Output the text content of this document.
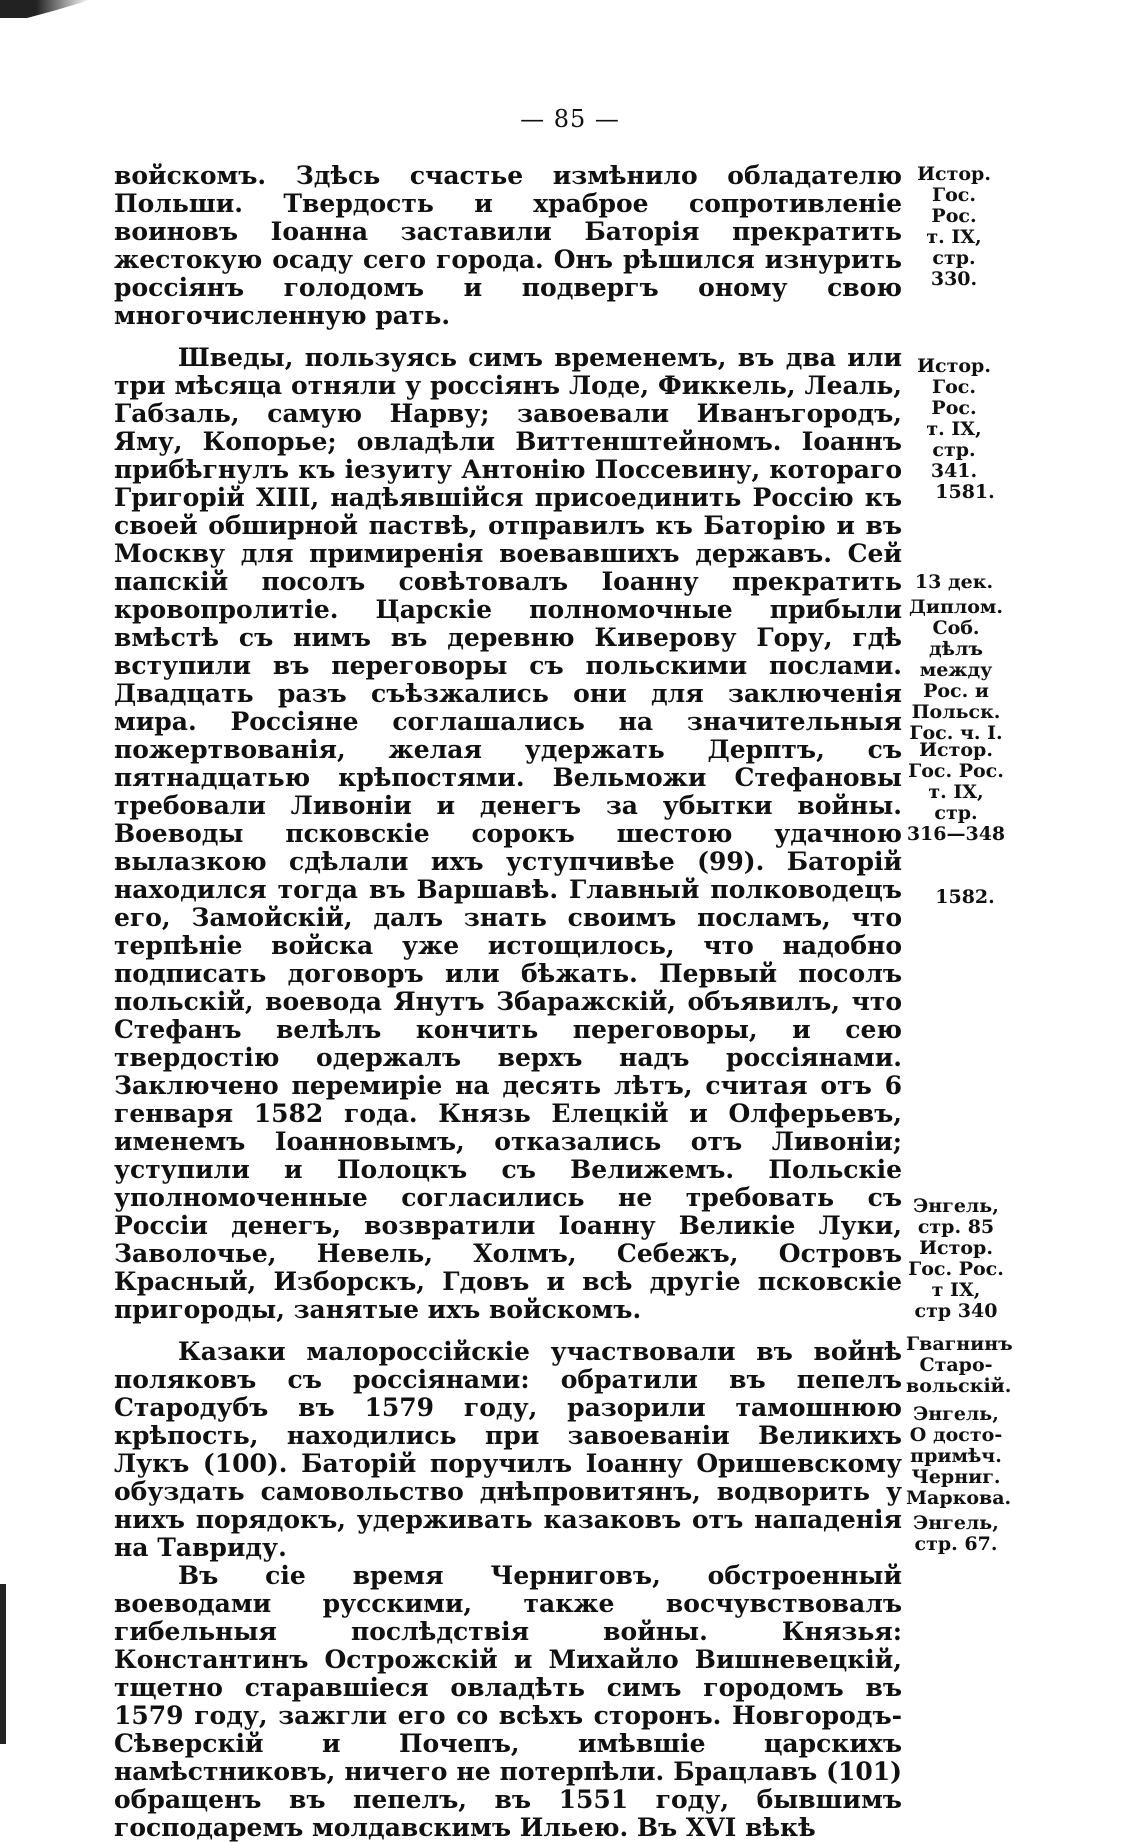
— 85 —

войскомъ. Здѣсь счастье измѣнило обладателю Польши. Твердость и храброе сопротивленіе воиновъ Іоанна заставили Баторія прекратить жестокую осаду сего города. Онъ рѣшился изнурить россіянъ голодомъ и подвергъ оному свою многочисленную рать.

Шведы, пользуясь симъ временемъ, въ два или три мѣсяца отняли у россіянъ Лоде, Фиккель, Леаль, Габзаль, самую Нарву; завоевали Иванъгородъ, Яму, Копорье; овладѣли Виттенштейномъ. Іоаннъ прибѣгнулъ къ іезуиту Антонію Поссевину, котораго Григорій XIII, надѣявшійся присоединить Россію къ своей обширной паствѣ, отправилъ къ Баторію и въ Москву для примиренія воевавшихъ державъ. Сей папскій посолъ совѣтовалъ Іоанну прекратить кровопролитіе. Царскіе полномочные прибыли вмѣстѣ съ нимъ въ деревню Киверову Гору, гдѣ вступили въ переговоры съ польскими послами. Двадцать разъ съѣзжались они для заключенія мира. Россіяне соглашались на значительныя пожертвованія, желая удержать Дерптъ, съ пятнадцатью крѣпостями. Вельможи Стефановы требовали Ливоніи и денегъ за убытки войны. Воеводы псковскіе сорокъ шестою удачною вылазкою сдѣлали ихъ уступчивѣе (99). Баторій находился тогда въ Варшавѣ. Главный полководецъ его, Замойскій, далъ знать своимъ посламъ, что терпѣніе войска уже истощилось, что надобно подписать договоръ или бѣжать. Первый посолъ польскій, воевода Янутъ Збаражскій, объявилъ, что Стефанъ велѣлъ кончить переговоры, и сею твердостію одержалъ верхъ надъ россіянами. Заключено перемиріе на десять лѣтъ, считая отъ 6 генваря 1582 года. Князь Елецкій и Олферьевъ, именемъ Іоанновымъ, отказались отъ Ливоніи; уступили и Полоцкъ съ Велижемъ. Польскіе уполномоченные согласились не требовать съ Россіи денегъ, возвратили Іоанну Великіе Луки, Заволочье, Невель, Холмъ, Себежъ, Островъ Красный, Изборскъ, Гдовъ и всѣ другіе псковскіе пригороды, занятые ихъ войскомъ.

Казаки малороссійскіе участвовали въ войнѣ поляковъ съ россіянами: обратили въ пепелъ Стародубъ въ 1579 году, разорили тамошнюю крѣпость, находились при завоеваніи Великихъ Лукъ (100). Баторій поручилъ Іоанну Оришевскому обуздать самовольство днѣпровитянъ, водворить у нихъ порядокъ, удерживать казаковъ отъ нападенія на Тавриду.

Въ сіе время Черниговъ, обстроенный воеводами русскими, также восчувствовалъ гибельныя послѣдствія войны. Князья: Константинъ Острожскій и Михайло Вишневецкій, тщетно старавшіеся овладѣть симъ городомъ въ 1579 году, зажгли его со всѣхъ сторонъ. Новгородъ-Сѣверскій и Почепъ, имѣвшіе царскихъ намѣстниковъ, ничего не потерпѣли. Брацлавъ (101) обращенъ въ пепелъ, въ 1551 году, бывшимъ господаремъ молдавскимъ Ильею. Въ XVI вѣкѣ

Истор.
Гос. Рос.
т. IX,
стр. 330.
Истор.
Гос. Рос.
т. IX,
стр. 341.
1581.
13 дек.
Диплом.
Соб. дѣлъ
между
Рос. и
Польск.
Гос. ч. I.
Истор.
Гос. Рос.
т. IX,
стр.
316—348
1582.
Энгель,
стр. 85
Истор.
Гос. Рос.
т IX,
стр 340
Гвагнинъ
Старо-
вольскій.
Энгель,
О досто-
примѣч.
Черниг.
Маркова.
Энгель,
стр. 67.
